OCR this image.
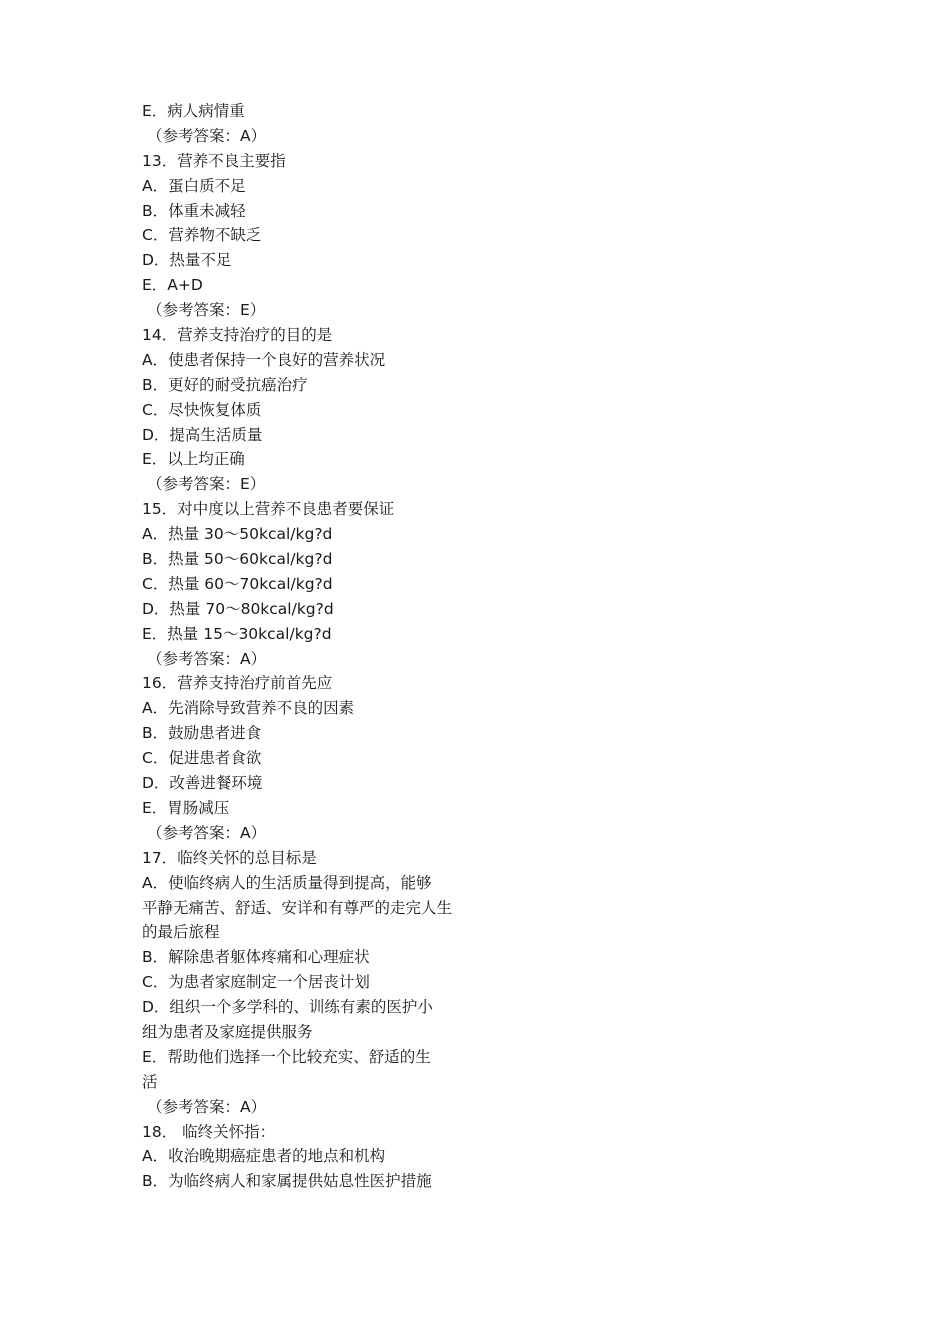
E．病人病情重
（参考答案：A）
13．营养不良主要指
A．蛋白质不足
B．体重未减轻
C．营养物不缺乏
D．热量不足
E．A+D
（参考答案：E）
14．营养支持治疗的目的是
A．使患者保持一个良好的营养状况
B．更好的耐受抗癌治疗
C．尽快恢复体质
D．提高生活质量
E．以上均正确
（参考答案：E）
15．对中度以上营养不良患者要保证
A．热量 30～50kcal/kg?d
B．热量 50～60kcal/kg?d
C．热量 60～70kcal/kg?d
D．热量 70～80kcal/kg?d
E．热量 15～30kcal/kg?d
（参考答案：A）
16．营养支持治疗前首先应
A．先消除导致营养不良的因素
B．鼓励患者进食
C．促进患者食欲
D．改善进餐环境
E．胃肠减压
（参考答案：A）
17．临终关怀的总目标是
A．使临终病人的生活质量得到提高，能够
平静无痛苦、舒适、安详和有尊严的走完人生
的最后旅程
B．解除患者躯体疼痛和心理症状
C．为患者家庭制定一个居丧计划
D．组织一个多学科的、训练有素的医护小
组为患者及家庭提供服务
E．帮助他们选择一个比较充实、舒适的生
活
（参考答案：A）
18． 临终关怀指：
A．收治晚期癌症患者的地点和机构
B．为临终病人和家属提供姑息性医护措施
